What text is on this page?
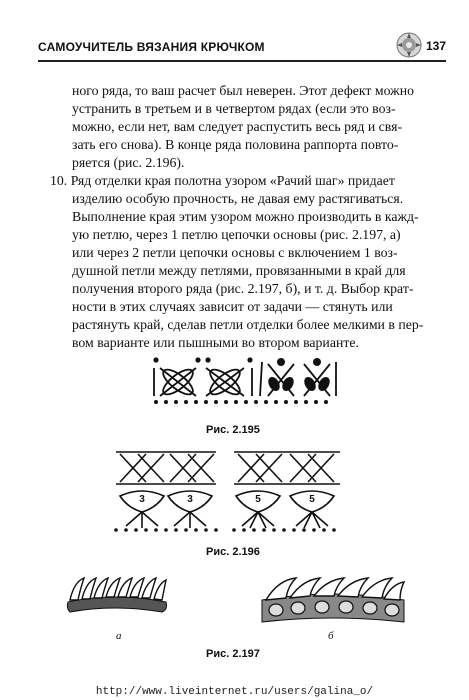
САМОУЧИТЕЛЬ ВЯЗАНИЯ КРЮЧКОМ	137
ного ряда, то ваш расчет был неверен. Этот дефект можно
устранить в третьем и в четвертом рядах (если это воз-
можно, если нет, вам следует распустить весь ряд и свя-
зать его снова). В конце ряда половина раппорта повто-
ряется (рис. 2.196).
10. Ряд отделки края полотна узором «Рачий шаг» придает
изделию особую прочность, не давая ему растягиваться.
Выполнение края этим узором можно производить в кажд-
ую петлю, через 1 петлю цепочки основы (рис. 2.197, а)
или через 2 петли цепочки основы с включением 1 воз-
душной петли между петлями, провязанными в край для
получения второго ряда (рис. 2.197, б), и т. д. Выбор крат-
ности в этих случаях зависит от задачи — стянуть или
растянуть край, сделав петли отделки более мелкими в пер-
вом варианте или пышными во втором варианте.
Рис. 2.195
3	3	5	5
Рис. 2.196
а	б
Рис. 2.197
http://www.liveinternet.ru/users/galina_o/
